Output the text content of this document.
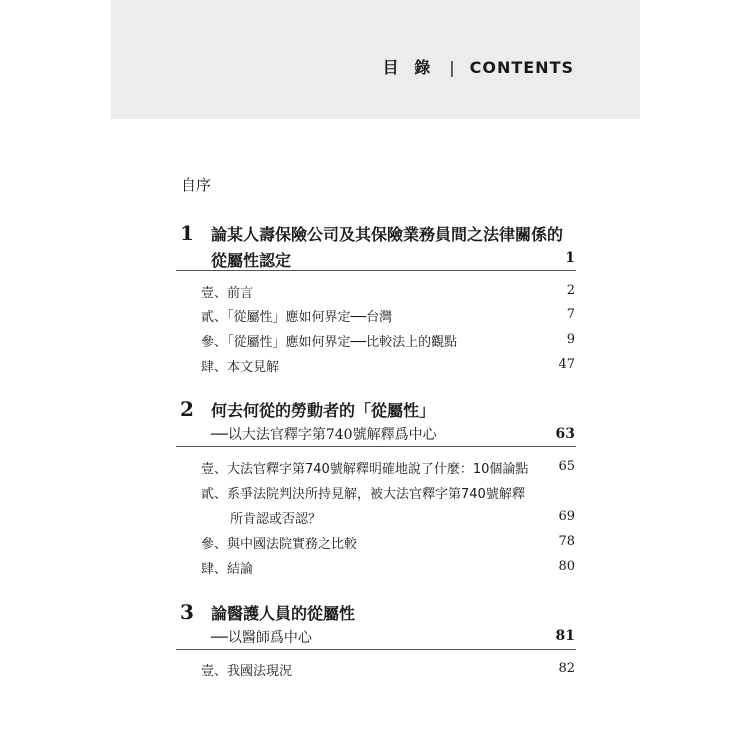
目 錄 | CONTENTS
自序
1 論某人壽保險公司及其保險業務員間之法律關係的
從屬性認定	1
壹、前言	2
貳、「從屬性」應如何界定──台灣	7
參、「從屬性」應如何界定──比較法上的觀點	9
肆、本文見解	47
2 何去何從的勞動者的「從屬性」
──以大法官釋字第740號解釋爲中心	63
壹、大法官釋字第740號解釋明確地說了什麼：10個論點	65
貳、系爭法院判決所持見解，被大法官釋字第740號解釋
所肯認或否認？	69
參、與中國法院實務之比較	78
肆、結論	80
3 論醫護人員的從屬性
──以醫師爲中心	81
壹、我國法現況	82
